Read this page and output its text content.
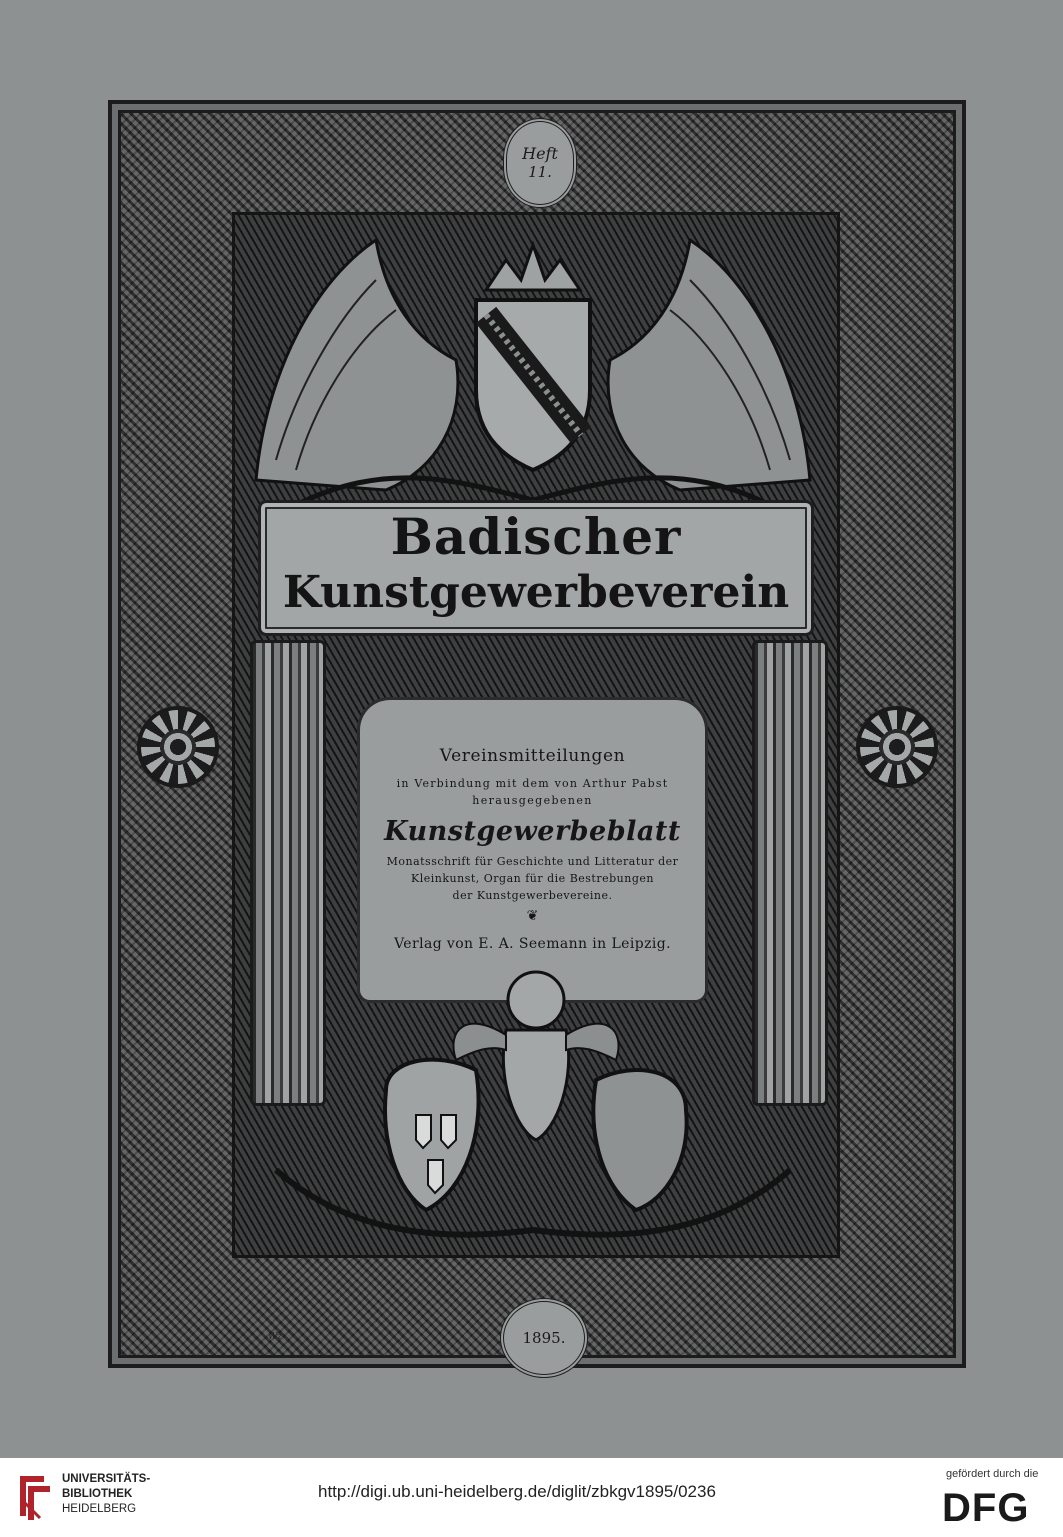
Heft
11.
Badischer
Kunstgewerbeverein
Vereinsmitteilungen
in Verbindung mit dem von Arthur Pabst
herausgegebenen
Kunstgewerbeblatt
Monatsschrift für Geschichte und Litteratur der
Kleinkunst, Organ für die Bestrebungen
der Kunstgewerbevereine.
❦
Verlag von E. A. Seemann in Leipzig.
1895.
Wz
UNIVERSITÄTS-
BIBLIOTHEK
HEIDELBERG
http://digi.ub.uni-heidelberg.de/diglit/zbkgv1895/0236
gefördert durch die
DFG
